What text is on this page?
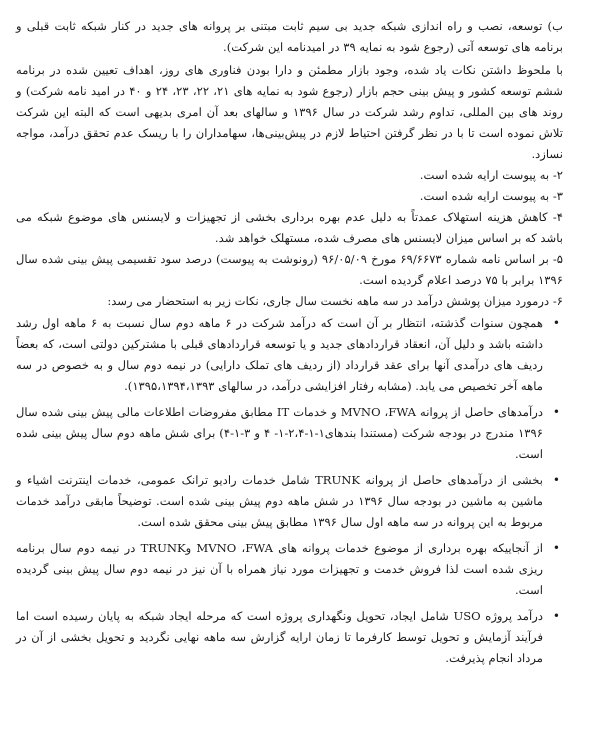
ب) توسعه، نصب و راه اندازی شبکه جدید بی سیم ثابت مبتنی بر پروانه های جدید در کنار شبکه ثابت قبلی و برنامه های توسعه آتی (رجوع شود به نمایه ۳۹ در امیدنامه این شرکت).

با ملحوظ داشتن نکات یاد شده، وجود بازار مطمئن و دارا بودن فناوری های روز، اهداف تعیین شده در برنامه ششم توسعه کشور و پیش بینی حجم بازار (رجوع شود به نمایه های ۲۱، ۲۲، ۲۳، ۲۴ و ۴۰ در امید نامه شرکت) و روند های بین المللی، تداوم رشد شرکت در سال ۱۳۹۶ و سالهای بعد آن امری بدیهی است که البته این شرکت تلاش نموده است تا با در نظر گرفتن احتیاط لازم در پیش‌بینی‌ها، سهامداران را با ریسک عدم تحقق درآمد، مواجه نسازد.

۲- به پیوست ارایه شده است.

۳- به پیوست ارایه شده است.

۴- کاهش هزینه استهلاک عمدتاً به دلیل عدم بهره برداری بخشی از تجهیزات و لایسنس های موضوع شبکه می باشد که بر اساس میزان لایسنس های مصرف شده، مستهلک خواهد شد.

۵- بر اساس نامه شماره ۶۹/۶۶۷۳ مورخ ۹۶/۰۵/۰۹ (رونوشت به پیوست) درصد سود تقسیمی پیش بینی شده سال ۱۳۹۶ برابر با ۷۵ درصد اعلام گردیده است.

۶- درمورد میزان پوشش درآمد در سه ماهه نخست سال جاری، نکات زیر به استحضار می رسد:

•
همچون سنوات گذشته، انتظار بر آن است که درآمد شرکت در ۶ ماهه دوم سال نسبت به ۶ ماهه اول رشد داشته باشد و دلیل آن، انعقاد قراردادهای جدید و یا توسعه قراردادهای قبلی با مشترکین دولتی است، که بعضاً ردیف های درآمدی آنها برای عقد قرارداد (از ردیف های تملک دارایی) در نیمه دوم سال و به خصوص در سه ماهه آخر تخصیص می یابد. (مشابه رفتار افزایشی درآمد، در سالهای ۱۳۹۵،۱۳۹۴،۱۳۹۳).
•
درآمدهای حاصل از پروانه MVNO ،FWA و خدمات IT مطابق مفروضات اطلاعات مالی پیش بینی شده سال ۱۳۹۶ مندرج در بودجه شرکت (مستندا بندهای۱-۱-۲،۴-۱- ۴ و ۳-۱-۴) برای شش ماهه دوم سال پیش بینی شده است.
•
بخشی از درآمدهای حاصل از پروانه TRUNK شامل خدمات رادیو ترانک عمومی، خدمات اینترنت اشیاء و ماشین به ماشین در بودجه سال ۱۳۹۶ در شش ماهه دوم پیش بینی شده است. توضیحاً مابقی درآمد خدمات مربوط به این پروانه در سه ماهه اول سال ۱۳۹۶ مطابق پیش بینی محقق شده است.
•
از آنجاییکه بهره برداری از موضوع خدمات پروانه های MVNO ،FWA وTRUNK در نیمه دوم سال برنامه ریزی شده است لذا فروش خدمت و تجهیزات مورد نیاز همراه با آن نیز در نیمه دوم سال پیش بینی گردیده است.
•
درآمد پروژه USO شامل ایجاد، تحویل ونگهداری پروژه است که مرحله ایجاد شبکه به پایان رسیده است اما فرآیند آزمایش و تحویل توسط کارفرما تا زمان ارایه گزارش سه ماهه نهایی نگردید و تحویل بخشی از آن در مرداد انجام پذیرفت.
